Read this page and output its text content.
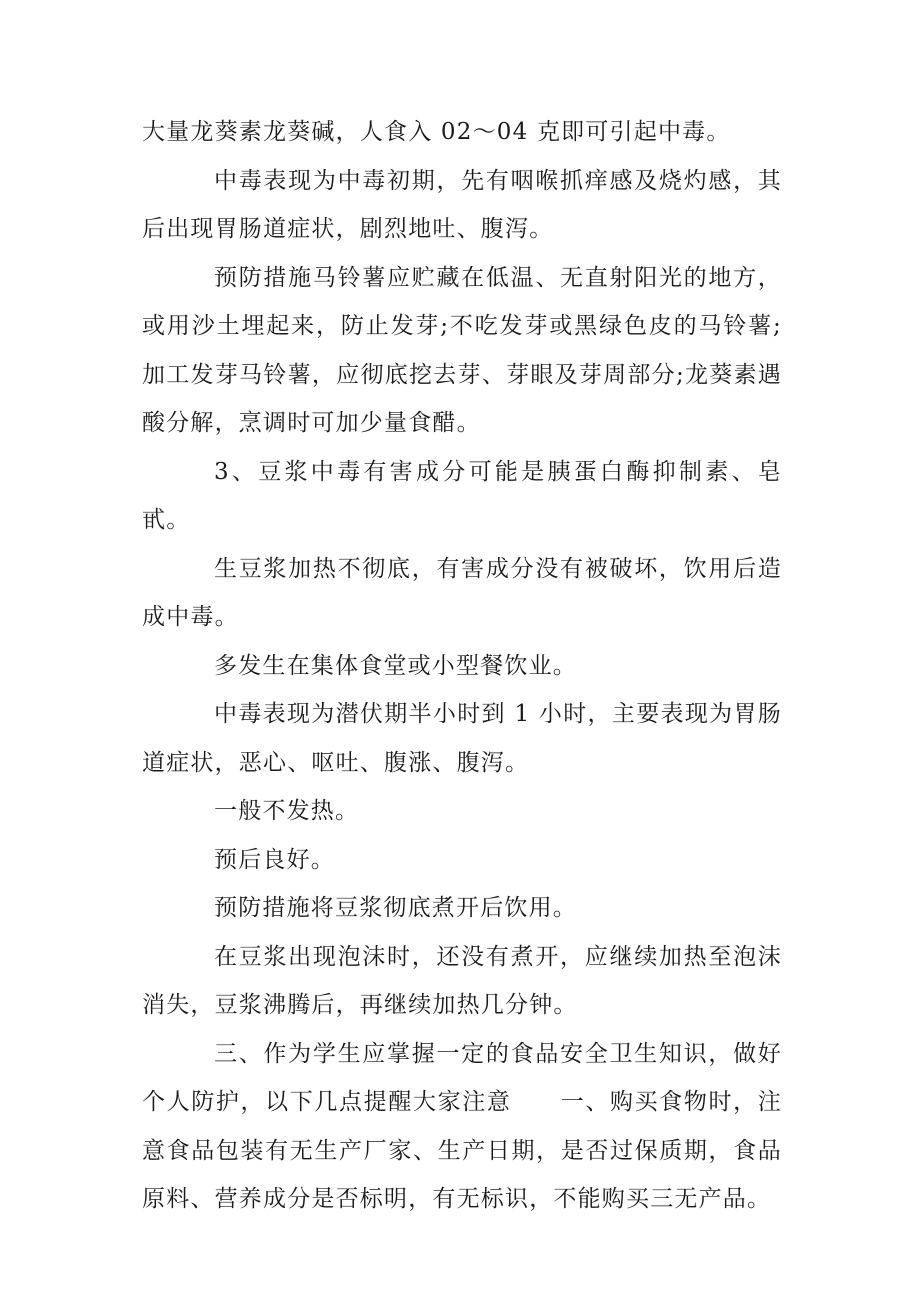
大量龙葵素龙葵碱，人食入 02～04 克即可引起中毒。

中毒表现为中毒初期，先有咽喉抓痒感及烧灼感，其后出现胃肠道症状，剧烈地吐、腹泻。

预防措施马铃薯应贮藏在低温、无直射阳光的地方，或用沙土埋起来，防止发芽;不吃发芽或黑绿色皮的马铃薯;加工发芽马铃薯，应彻底挖去芽、芽眼及芽周部分;龙葵素遇酸分解，烹调时可加少量食醋。

3、豆浆中毒有害成分可能是胰蛋白酶抑制素、皂甙。

生豆浆加热不彻底，有害成分没有被破坏，饮用后造成中毒。

多发生在集体食堂或小型餐饮业。

中毒表现为潜伏期半小时到 1 小时，主要表现为胃肠道症状，恶心、呕吐、腹涨、腹泻。

一般不发热。

预后良好。

预防措施将豆浆彻底煮开后饮用。

在豆浆出现泡沫时，还没有煮开，应继续加热至泡沫消失，豆浆沸腾后，再继续加热几分钟。

三、作为学生应掌握一定的食品安全卫生知识，做好个人防护，以下几点提醒大家注意　　一、购买食物时，注意食品包装有无生产厂家、生产日期，是否过保质期，食品原料、营养成分是否标明，有无标识，不能购买三无产品。
